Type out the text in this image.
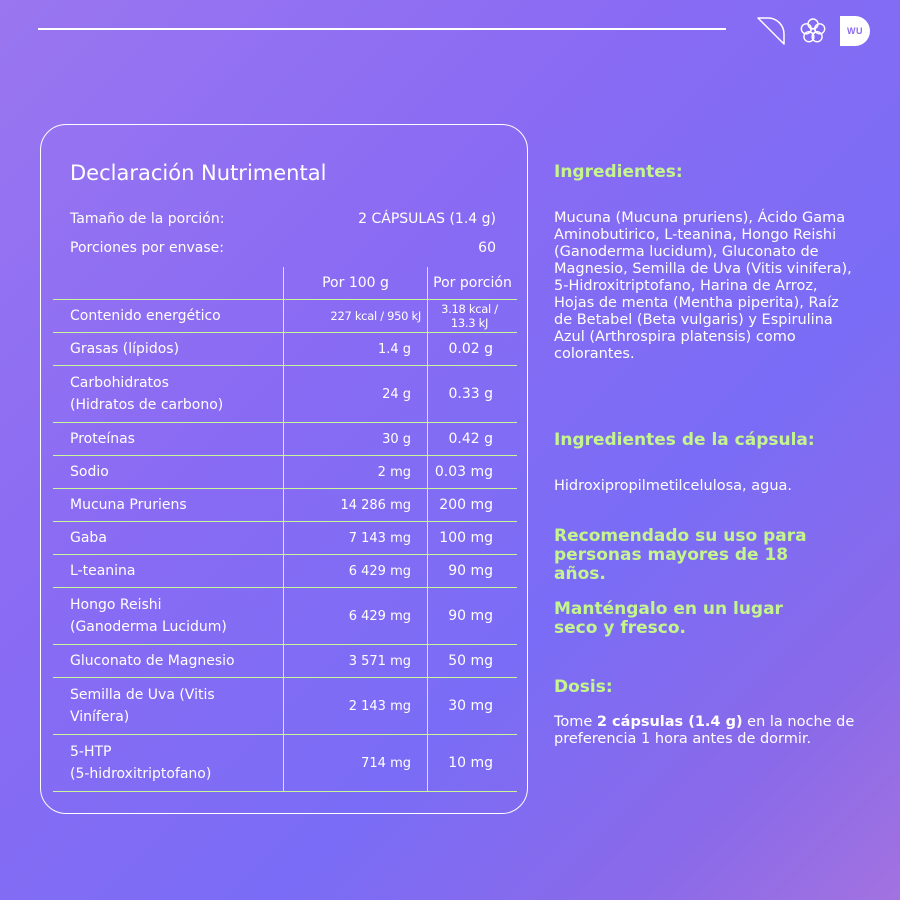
WU
Declaración Nutrimental
Tamaño de la porción:	2 CÁPSULAS (1.4 g)
Porciones por envase:	60
	Por 100 g	Por porción

Contenido energético	227 kcal / 950 kJ	3.18 kcal / 13.3 kJ

Grasas (lípidos)	1.4 g	0.02 g

Carbohidratos
(Hidratos de carbono)	24 g	0.33 g

Proteínas	30 g	0.42 g

Sodio	2 mg	0.03 mg

Mucuna Pruriens	14 286 mg	200 mg

Gaba	7 143 mg	100 mg

L-teanina	6 429 mg	90 mg

Hongo Reishi
(Ganoderma Lucidum)	6 429 mg	90 mg

Gluconato de Magnesio	3 571 mg	50 mg

Semilla de Uva (Vitis
Vinífera)	2 143 mg	30 mg

5-HTP
(5-hidroxitriptofano)	714 mg	10 mg
Ingredientes:

Mucuna (Mucuna pruriens), Ácido Gama Aminobutirico, L-teanina, Hongo Reishi (Ganoderma lucidum), Gluconato de Magnesio, Semilla de Uva (Vitis vinifera), 5-Hidroxitriptofano, Harina de Arroz, Hojas de menta (Mentha piperita), Raíz de Betabel (Beta vulgaris) y Espirulina Azul (Arthrospira platensis) como colorantes.

Ingredientes de la cápsula:

Hidroxipropilmetilcelulosa, agua.

Recomendado su uso para personas mayores de 18 años.

Manténgalo en un lugar seco y fresco.

Dosis:

Tome 2 cápsulas (1.4 g) en la noche de preferencia 1 hora antes de dormir.
